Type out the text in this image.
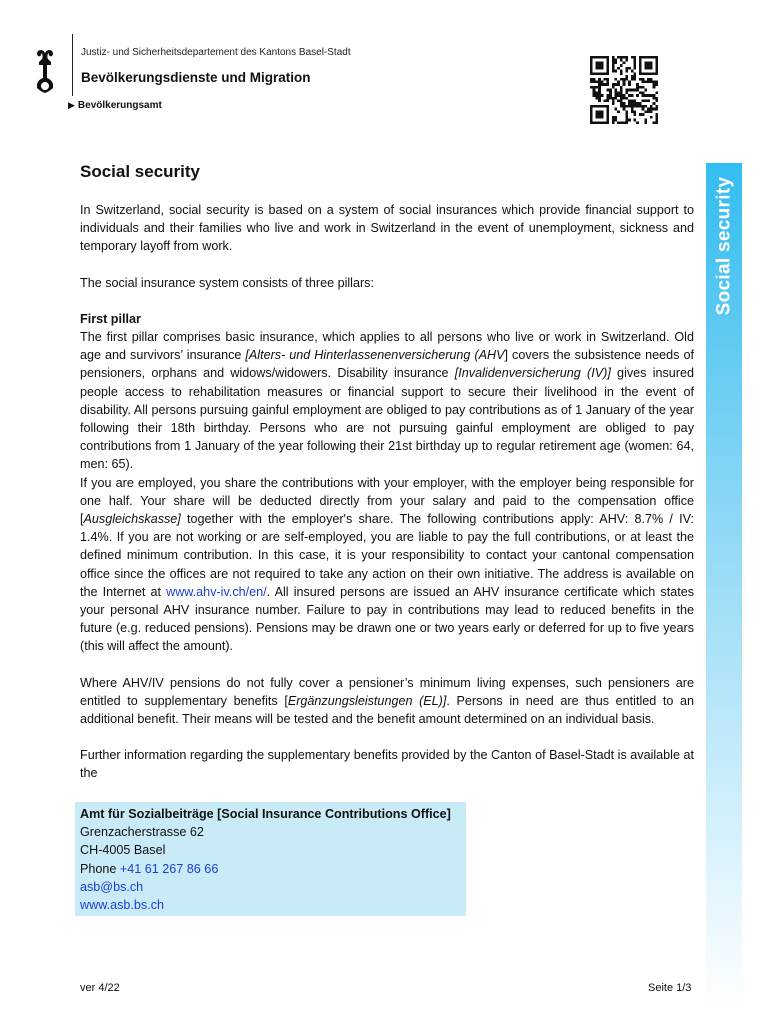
Justiz- und Sicherheitsdepartement des Kantons Basel-Stadt
Bevölkerungsdienste und Migration
▶ Bevölkerungsamt
Social security
Social security

In Switzerland, social security is based on a system of social insurances which provide financial support to individuals and their families who live and work in Switzerland in the event of unemployment, sickness and temporary layoff from work.

The social insurance system consists of three pillars:

First pillar

The first pillar comprises basic insurance, which applies to all persons who live or work in Switzerland. Old age and survivors’ insurance [Alters- und Hinterlassenenversicherung (AHV] covers the subsistence needs of pensioners, orphans and widows/widowers. Disability insurance [Invalidenversicherung (IV)] gives insured people access to rehabilitation measures or financial support to secure their livelihood in the event of disability. All persons pursuing gainful employment are obliged to pay contributions as of 1 January of the year following their 18th birthday. Persons who are not pursuing gainful employment are obliged to pay contributions from 1 January of the year following their 21st birthday up to regular retirement age (women: 64, men: 65).

If you are employed, you share the contributions with your employer, with the employer being responsible for one half. Your share will be deducted directly from your salary and paid to the compensation office [Ausgleichskasse] together with the employer's share. The following contributions apply: AHV: 8.7% / IV: 1.4%. If you are not working or are self-employed, you are liable to pay the full contributions, or at least the defined minimum contribution. In this case, it is your responsibility to contact your cantonal compensation office since the offices are not required to take any action on their own initiative. The address is available on the Internet at www.ahv-iv.ch/en/. All insured persons are issued an AHV insurance certificate which states your personal AHV insurance number. Failure to pay in contributions may lead to reduced benefits in the future (e.g. reduced pensions). Pensions may be drawn one or two years early or deferred for up to five years (this will affect the amount).

Where AHV/IV pensions do not fully cover a pensioner’s minimum living expenses, such pensioners are entitled to supplementary benefits [Ergänzungsleistungen (EL)]. Persons in need are thus entitled to an additional benefit. Their means will be tested and the benefit amount determined on an individual basis.

Further information regarding the supplementary benefits provided by the Canton of Basel-Stadt is available at the

Amt für Sozialbeiträge [Social Insurance Contributions Office]
Grenzacherstrasse 62
CH-4005 Basel
Phone +41 61 267 86 66
asb@bs.ch
www.asb.bs.ch
ver 4/22	Seite 1/3
